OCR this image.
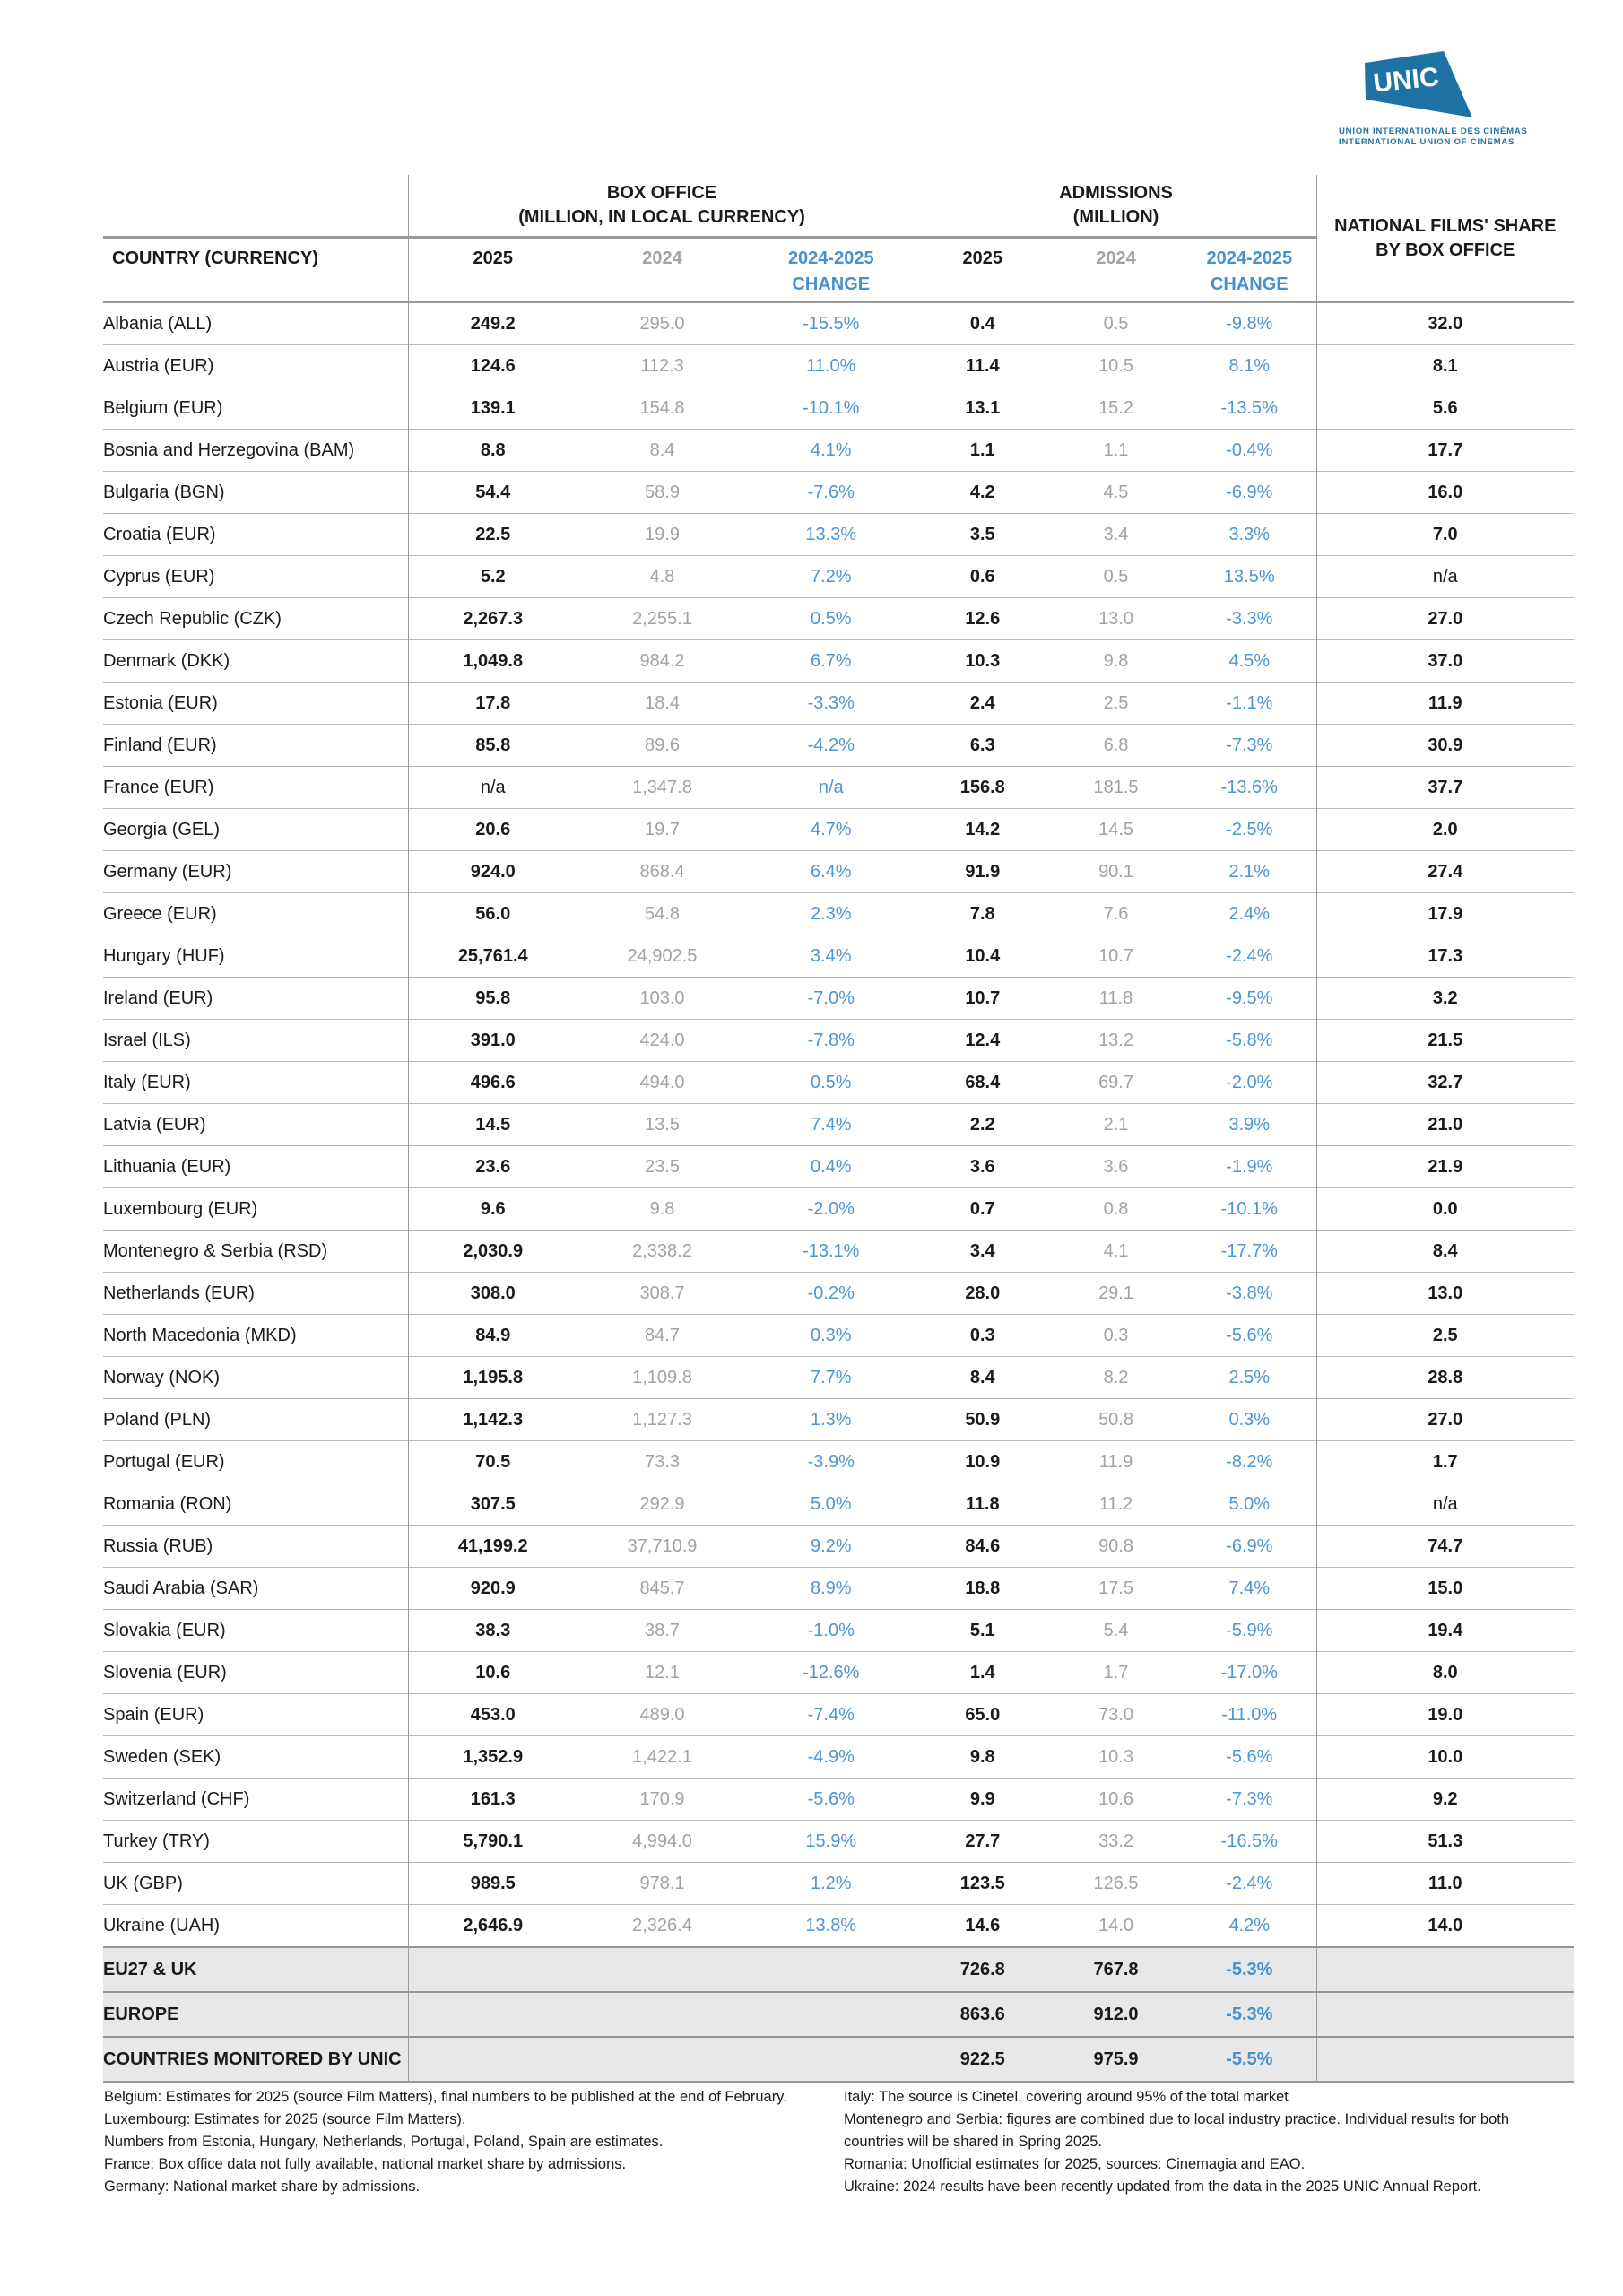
UNIC
UNION INTERNATIONALE DES CINÉMAS
INTERNATIONAL UNION OF CINEMAS

	BOX OFFICE
(MILLION, IN LOCAL CURRENCY)			ADMISSIONS
(MILLION)			NATIONAL FILMS' SHARE
BY BOX OFFICE

COUNTRY (CURRENCY)	2025	2024	2024-2025
CHANGE	2025	2024	2024-2025
CHANGE	

Albania (ALL)	249.2	295.0	-15.5%	0.4	0.5	-9.8%	32.0
Austria (EUR)	124.6	112.3	11.0%	11.4	10.5	8.1%	8.1
Belgium (EUR)	139.1	154.8	-10.1%	13.1	15.2	-13.5%	5.6
Bosnia and Herzegovina (BAM)	8.8	8.4	4.1%	1.1	1.1	-0.4%	17.7
Bulgaria (BGN)	54.4	58.9	-7.6%	4.2	4.5	-6.9%	16.0
Croatia (EUR)	22.5	19.9	13.3%	3.5	3.4	3.3%	7.0
Cyprus (EUR)	5.2	4.8	7.2%	0.6	0.5	13.5%	n/a
Czech Republic (CZK)	2,267.3	2,255.1	0.5%	12.6	13.0	-3.3%	27.0
Denmark (DKK)	1,049.8	984.2	6.7%	10.3	9.8	4.5%	37.0
Estonia (EUR)	17.8	18.4	-3.3%	2.4	2.5	-1.1%	11.9
Finland (EUR)	85.8	89.6	-4.2%	6.3	6.8	-7.3%	30.9
France (EUR)	n/a	1,347.8	n/a	156.8	181.5	-13.6%	37.7
Georgia (GEL)	20.6	19.7	4.7%	14.2	14.5	-2.5%	2.0
Germany (EUR)	924.0	868.4	6.4%	91.9	90.1	2.1%	27.4
Greece (EUR)	56.0	54.8	2.3%	7.8	7.6	2.4%	17.9
Hungary (HUF)	25,761.4	24,902.5	3.4%	10.4	10.7	-2.4%	17.3
Ireland (EUR)	95.8	103.0	-7.0%	10.7	11.8	-9.5%	3.2
Israel (ILS)	391.0	424.0	-7.8%	12.4	13.2	-5.8%	21.5
Italy (EUR)	496.6	494.0	0.5%	68.4	69.7	-2.0%	32.7
Latvia (EUR)	14.5	13.5	7.4%	2.2	2.1	3.9%	21.0
Lithuania (EUR)	23.6	23.5	0.4%	3.6	3.6	-1.9%	21.9
Luxembourg (EUR)	9.6	9.8	-2.0%	0.7	0.8	-10.1%	0.0
Montenegro & Serbia (RSD)	2,030.9	2,338.2	-13.1%	3.4	4.1	-17.7%	8.4
Netherlands (EUR)	308.0	308.7	-0.2%	28.0	29.1	-3.8%	13.0
North Macedonia (MKD)	84.9	84.7	0.3%	0.3	0.3	-5.6%	2.5
Norway (NOK)	1,195.8	1,109.8	7.7%	8.4	8.2	2.5%	28.8
Poland (PLN)	1,142.3	1,127.3	1.3%	50.9	50.8	0.3%	27.0
Portugal (EUR)	70.5	73.3	-3.9%	10.9	11.9	-8.2%	1.7
Romania (RON)	307.5	292.9	5.0%	11.8	11.2	5.0%	n/a
Russia (RUB)	41,199.2	37,710.9	9.2%	84.6	90.8	-6.9%	74.7
Saudi Arabia (SAR)	920.9	845.7	8.9%	18.8	17.5	7.4%	15.0
Slovakia (EUR)	38.3	38.7	-1.0%	5.1	5.4	-5.9%	19.4
Slovenia (EUR)	10.6	12.1	-12.6%	1.4	1.7	-17.0%	8.0
Spain (EUR)	453.0	489.0	-7.4%	65.0	73.0	-11.0%	19.0
Sweden (SEK)	1,352.9	1,422.1	-4.9%	9.8	10.3	-5.6%	10.0
Switzerland (CHF)	161.3	170.9	-5.6%	9.9	10.6	-7.3%	9.2
Turkey (TRY)	5,790.1	4,994.0	15.9%	27.7	33.2	-16.5%	51.3
UK (GBP)	989.5	978.1	1.2%	123.5	126.5	-2.4%	11.0
Ukraine (UAH)	2,646.9	2,326.4	13.8%	14.6	14.0	4.2%	14.0
EU27 & UK				726.8	767.8	-5.3%	
EUROPE				863.6	912.0	-5.3%	
COUNTRIES MONITORED BY UNIC				922.5	975.9	-5.5%	
Belgium: Estimates for 2025 (source Film Matters), final numbers to be published at the end of February.
Luxembourg: Estimates for 2025 (source Film Matters).
Numbers from Estonia, Hungary, Netherlands, Portugal, Poland, Spain are estimates.
France: Box office data not fully available, national market share by admissions.
Germany: National market share by admissions.
Italy: The source is Cinetel, covering around 95% of the total market
Montenegro and Serbia: figures are combined due to local industry practice. Individual results for both countries will be shared in Spring 2025.
Romania: Unofficial estimates for 2025, sources: Cinemagia and EAO.
Ukraine: 2024 results have been recently updated from the data in the 2025 UNIC Annual Report.
